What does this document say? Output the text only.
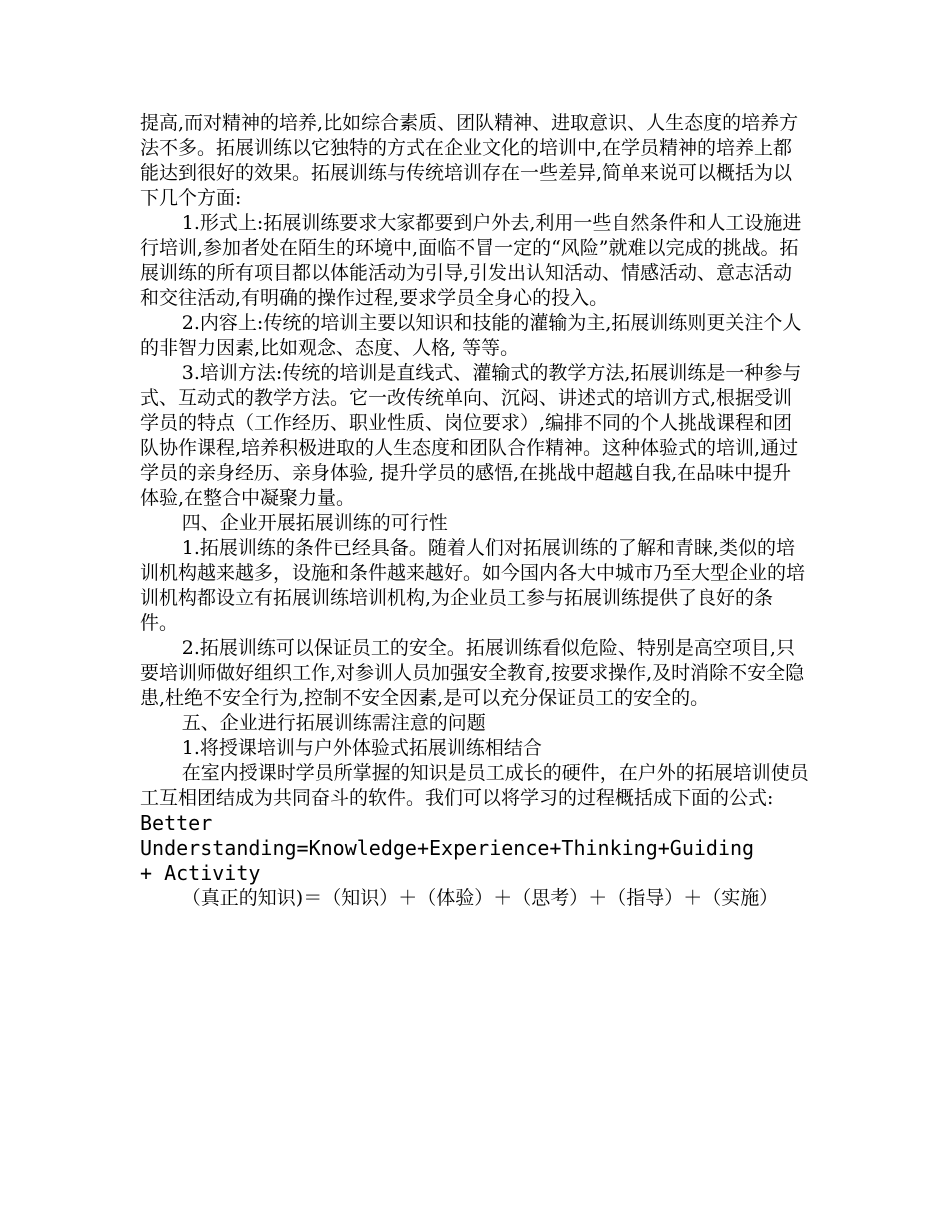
提高,而对精神的培养,比如综合素质、团队精神、进取意识、人生态度的培养方法不多。拓展训练以它独特的方式在企业文化的培训中,在学员精神的培养上都能达到很好的效果。拓展训练与传统培训存在一些差异,简单来说可以概括为以下几个方面:

1.形式上:拓展训练要求大家都要到户外去,利用一些自然条件和人工设施进行培训,参加者处在陌生的环境中,面临不冒一定的“风险”就难以完成的挑战。拓展训练的所有项目都以体能活动为引导,引发出认知活动、情感活动、意志活动和交往活动,有明确的操作过程,要求学员全身心的投入。

2.内容上:传统的培训主要以知识和技能的灌输为主,拓展训练则更关注个人的非智力因素,比如观念、态度、人格, 等等。

3.培训方法:传统的培训是直线式、灌输式的教学方法,拓展训练是一种参与式、互动式的教学方法。它一改传统单向、沉闷、讲述式的培训方式,根据受训学员的特点（工作经历、职业性质、岗位要求）,编排不同的个人挑战课程和团队协作课程,培养积极进取的人生态度和团队合作精神。这种体验式的培训,通过学员的亲身经历、亲身体验, 提升学员的感悟,在挑战中超越自我,在品味中提升体验,在整合中凝聚力量。

四、企业开展拓展训练的可行性

1.拓展训练的条件已经具备。随着人们对拓展训练的了解和青睐,类似的培训机构越来越多，设施和条件越来越好。如今国内各大中城市乃至大型企业的培训机构都设立有拓展训练培训机构,为企业员工参与拓展训练提供了良好的条件。

2.拓展训练可以保证员工的安全。拓展训练看似危险、特别是高空项目,只要培训师做好组织工作,对参训人员加强安全教育,按要求操作,及时消除不安全隐患,杜绝不安全行为,控制不安全因素,是可以充分保证员工的安全的。

五、企业进行拓展训练需注意的问题

1.将授课培训与户外体验式拓展训练相结合

在室内授课时学员所掌握的知识是员工成长的硬件，在户外的拓展培训使员工互相团结成为共同奋斗的软件。我们可以将学习的过程概括成下面的公式:

Better

Understanding=Knowledge+Experience+Thinking+Guiding

+ Activity

（真正的知识)＝（知识）＋（体验）＋（思考）＋（指导）＋（实施）
